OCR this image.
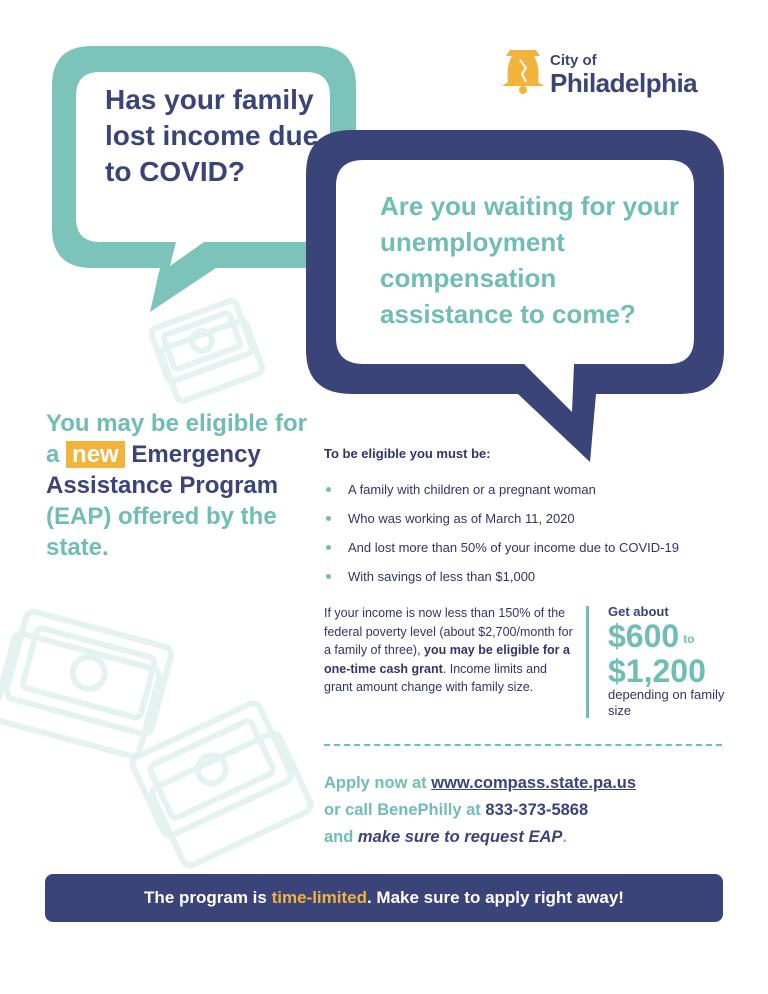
City of
Philadelphia
Has your family lost income due to COVID?
Are you waiting for your unemployment compensation assistance to come?
You may be eligible for a new Emergency Assistance Program (EAP) offered by the state.
To be eligible you must be:
A family with children or a pregnant woman
Who was working as of March 11, 2020
And lost more than 50% of your income due to COVID-19
With savings of less than $1,000
If your income is now less than 150% of the federal poverty level (about $2,700/month for a family of three), you may be eligible for a one-time cash grant. Income limits and grant amount change with family size.
Get about
$600 to
$1,200
depending on family size
Apply now at www.compass.state.pa.us
or call BenePhilly at 833-373-5868
and make sure to request EAP.
The program is time-limited. Make sure to apply right away!
